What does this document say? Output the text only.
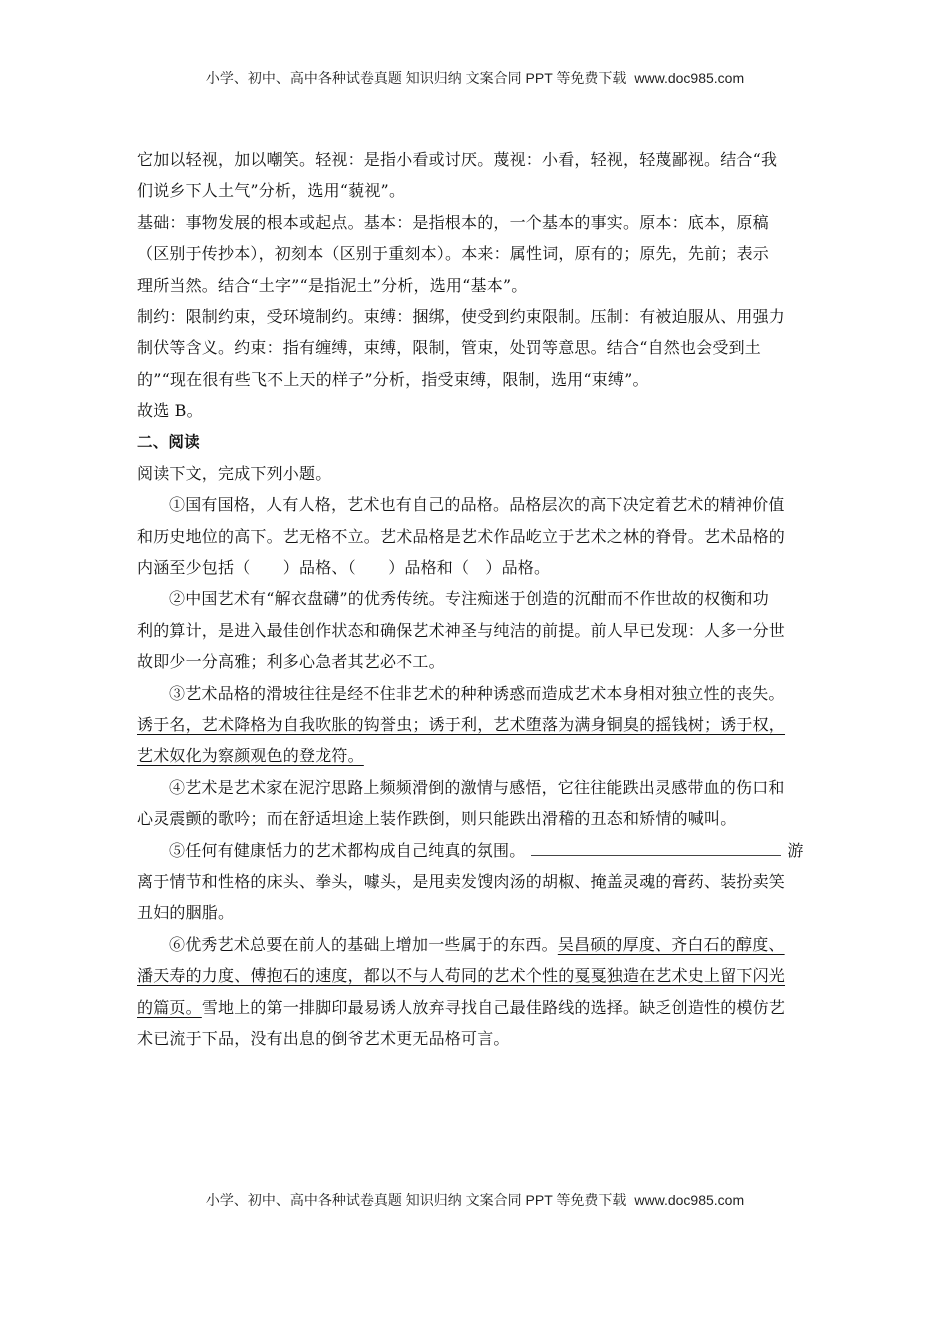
小学、初中、高中各种试卷真题 知识归纳 文案合同 PPT 等免费下载 www.doc985.com
它加以轻视，加以嘲笑。轻视：是指小看或讨厌。蔑视：小看，轻视，轻蔑鄙视。结合“我
们说乡下人土气”分析，选用“藐视”。
基础：事物发展的根本或起点。基本：是指根本的，一个基本的事实。原本：底本，原稿
（区别于传抄本），初刻本（区别于重刻本）。本来：属性词，原有的；原先，先前；表示
理所当然。结合“土字”“是指泥土”分析，选用“基本”。
制约：限制约束，受环境制约。束缚：捆绑，使受到约束限制。压制：有被迫服从、用强力
制伏等含义。约束：指有缠缚，束缚，限制，管束，处罚等意思。结合“自然也会受到土
的”“现在很有些飞不上天的样子”分析，指受束缚，限制，选用“束缚”。
故选 B。
二、阅读
阅读下文，完成下列小题。
①国有国格，人有人格，艺术也有自己的品格。品格层次的高下决定着艺术的精神价值
和历史地位的高下。艺无格不立。艺术品格是艺术作品屹立于艺术之林的脊骨。艺术品格的
内涵至少包括（　　）品格、（　　）品格和（　）品格。
②中国艺术有“解衣盘礴”的优秀传统。专注痴迷于创造的沉酣而不作世故的权衡和功
利的算计，是进入最佳创作状态和确保艺术神圣与纯洁的前提。前人早已发现：人多一分世
故即少一分高雅；利多心急者其艺必不工。
③艺术品格的滑坡往往是经不住非艺术的种种诱惑而造成艺术本身相对独立性的丧失。
诱于名，艺术降格为自我吹胀的钩誉虫；诱于利，艺术堕落为满身铜臭的摇钱树；诱于权，
艺术奴化为察颜观色的登龙符。
④艺术是艺术家在泥泞思路上频频滑倒的激情与感悟，它往往能跌出灵感带血的伤口和
心灵震颤的歌吟；而在舒适坦途上装作跌倒，则只能跌出滑稽的丑态和矫情的喊叫。
⑤任何有健康恬力的艺术都构成自己纯真的氛围。	游
离于情节和性格的床头、拳头，噱头，是甩卖发馊肉汤的胡椒、掩盖灵魂的膏药、装扮卖笑
丑妇的胭脂。
⑥优秀艺术总要在前人的基础上增加一些属于的东西。吴昌硕的厚度、齐白石的醇度、
潘天寿的力度、傅抱石的速度，都以不与人苟同的艺术个性的戛戛独造在艺术史上留下闪光
的篇页。雪地上的第一排脚印最易诱人放弃寻找自己最佳路线的选择。缺乏创造性的模仿艺
术已流于下品，没有出息的倒爷艺术更无品格可言。
小学、初中、高中各种试卷真题 知识归纳 文案合同 PPT 等免费下载 www.doc985.com
